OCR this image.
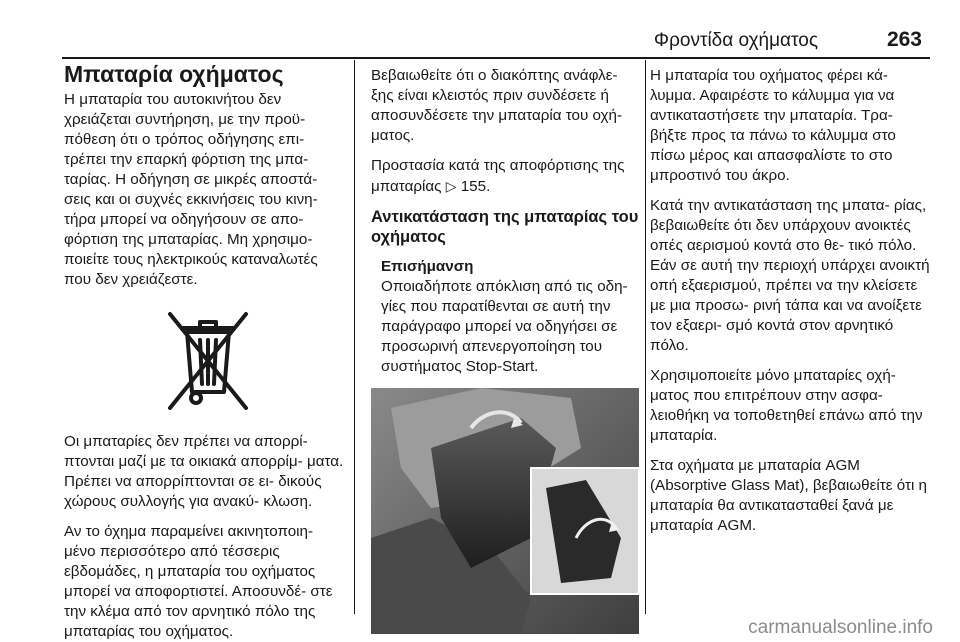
Φροντίδα οχήματος	263
Μπαταρία οχήματος

Η μπαταρία του αυτοκινήτου δεν χρειάζεται συντήρηση, με την προϋ- πόθεση ότι ο τρόπος οδήγησης επι- τρέπει την επαρκή φόρτιση της μπα- ταρίας. Η οδήγηση σε μικρές αποστά- σεις και οι συχνές εκκινήσεις του κινη- τήρα μπορεί να οδηγήσουν σε απο- φόρτιση της μπαταρίας. Μη χρησιμο- ποιείτε τους ηλεκτρικούς καταναλωτές που δεν χρειάζεστε.

Οι μπαταρίες δεν πρέπει να απορρί- πτονται μαζί με τα οικιακά απορρίμ- ματα. Πρέπει να απορρίπτονται σε ει- δικούς χώρους συλλογής για ανακύ- κλωση.

Αν το όχημα παραμείνει ακινητοποιη- μένο περισσότερο από τέσσερις εβδομάδες, η μπαταρία του οχήματος μπορεί να αποφορτιστεί. Αποσυνδέ- στε την κλέμα από τον αρνητικό πόλο της μπαταρίας του οχήματος.

Βεβαιωθείτε ότι ο διακόπτης ανάφλε- ξης είναι κλειστός πριν συνδέσετε ή αποσυνδέσετε την μπαταρία του οχή- ματος.

Προστασία κατά της αποφόρτισης της μπαταρίας ▷ 155.

Αντικατάσταση της μπαταρίας του οχήματος
Επισήμανση

Οποιαδήποτε απόκλιση από τις οδη- γίες που παρατίθενται σε αυτή την παράγραφο μπορεί να οδηγήσει σε προσωρινή απενεργοποίηση του συστήματος Stop-Start.

Η μπαταρία του οχήματος φέρει κά- λυμμα. Αφαιρέστε το κάλυμμα για να αντικαταστήσετε την μπαταρία. Τρα- βήξτε προς τα πάνω το κάλυμμα στο πίσω μέρος και απασφαλίστε το στο μπροστινό του άκρο.

Κατά την αντικατάσταση της μπατα- ρίας, βεβαιωθείτε ότι δεν υπάρχουν ανοικτές οπές αερισμού κοντά στο θε- τικό πόλο. Εάν σε αυτή την περιοχή υπάρχει ανοικτή οπή εξαερισμού, πρέπει να την κλείσετε με μια προσω- ρινή τάπα και να ανοίξετε τον εξαερι- σμό κοντά στον αρνητικό πόλο.

Χρησιμοποιείτε μόνο μπαταρίες οχή- ματος που επιτρέπουν στην ασφα- λειοθήκη να τοποθετηθεί επάνω από την μπαταρία.

Στα οχήματα με μπαταρία AGM (Absorptive Glass Mat), βεβαιωθείτε ότι η μπαταρία θα αντικατασταθεί ξανά με μπαταρία AGM.

carmanualsonline.info
